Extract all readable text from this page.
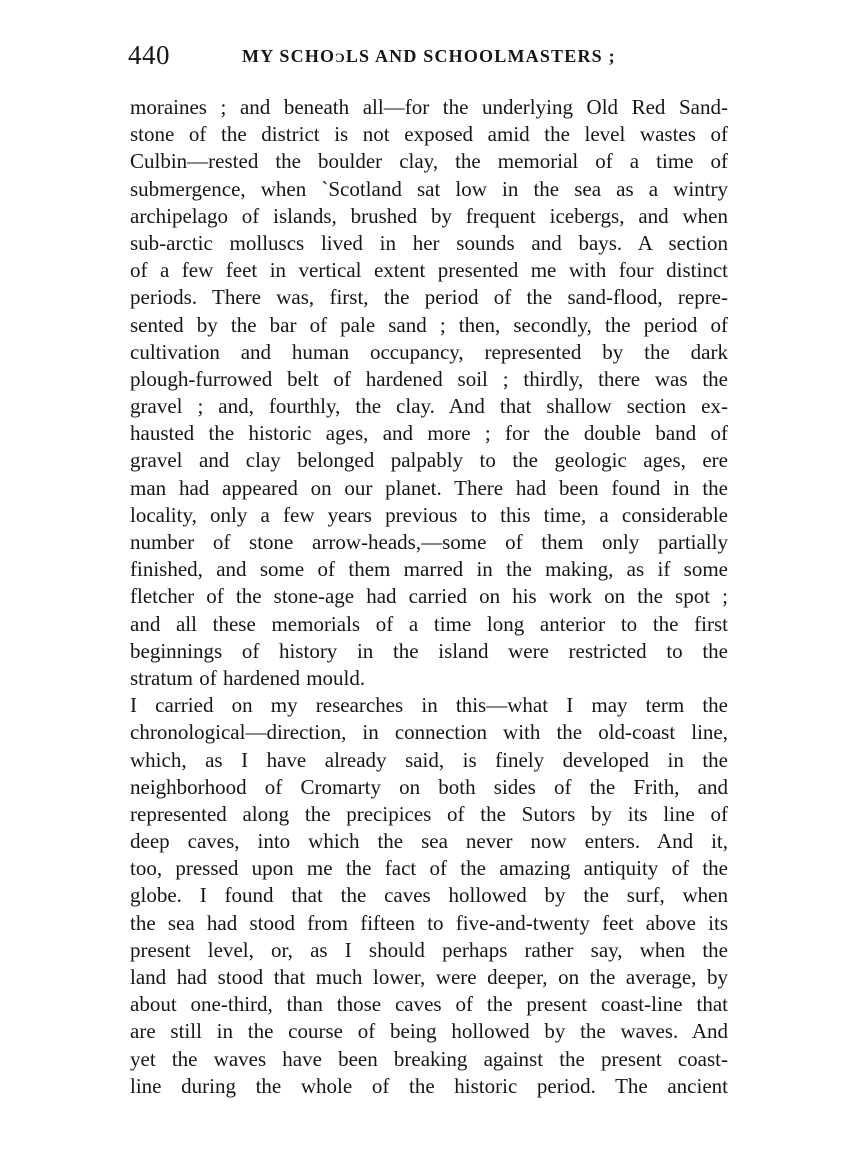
440	MY SCHOɔLS AND SCHOOLMASTERS ;
moraines ; and beneath all—for the underlying Old Red Sand-
stone of the district is not exposed amid the level wastes of
Culbin—rested the boulder clay, the memorial of a time of
submergence, when `Scotland sat low in the sea as a wintry
archipelago of islands, brushed by frequent icebergs, and when
sub-arctic molluscs lived in her sounds and bays. A section
of a few feet in vertical extent presented me with four distinct
periods. There was, first, the period of the sand-flood, repre-
sented by the bar of pale sand ; then, secondly, the period of
cultivation and human occupancy, represented by the dark
plough-furrowed belt of hardened soil ; thirdly, there was the
gravel ; and, fourthly, the clay. And that shallow section ex-
hausted the historic ages, and more ; for the double band of
gravel and clay belonged palpably to the geologic ages, ere
man had appeared on our planet. There had been found in the
locality, only a few years previous to this time, a considerable
number of stone arrow-heads,—some of them only partially
finished, and some of them marred in the making, as if some
fletcher of the stone-age had carried on his work on the spot ;
and all these memorials of a time long anterior to the first
beginnings of history in the island were restricted to the
stratum of hardened mould.
I carried on my researches in this—what I may term the
chronological—direction, in connection with the old-coast line,
which, as I have already said, is finely developed in the
neighborhood of Cromarty on both sides of the Frith, and
represented along the precipices of the Sutors by its line of
deep caves, into which the sea never now enters. And it,
too, pressed upon me the fact of the amazing antiquity of the
globe. I found that the caves hollowed by the surf, when
the sea had stood from fifteen to five-and-twenty feet above its
present level, or, as I should perhaps rather say, when the
land had stood that much lower, were deeper, on the average, by
about one-third, than those caves of the present coast-line that
are still in the course of being hollowed by the waves. And
yet the waves have been breaking against the present coast-
line during the whole of the historic period. The ancient
